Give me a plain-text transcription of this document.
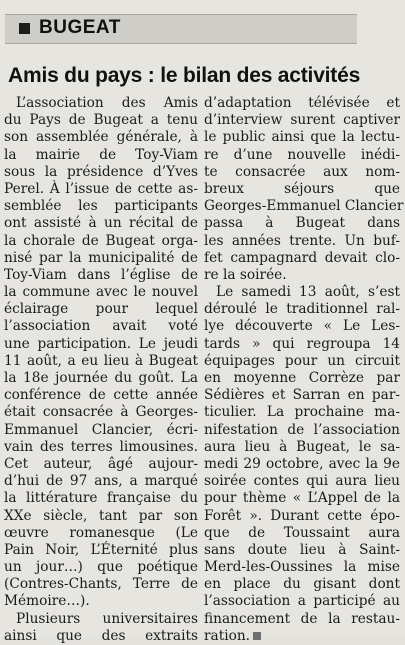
BUGEAT
Amis du pays : le bilan des activités
L’association des Amis
du Pays de Bugeat a tenu
son assemblée générale, à
la mairie de Toy-Viam
sous la présidence d’Yves
Perel. À l’issue de cette as-
semblée les participants
ont assisté à un récital de
la chorale de Bugeat orga-
nisé par la municipalité de
Toy-Viam dans l’église de
la commune avec le nouvel
éclairage pour lequel
l’association avait voté
une participation. Le jeudi
11 août, a eu lieu à Bugeat
la 18e journée du goût. La
conférence de cette année
était consacrée à Georges-
Emmanuel Clancier, écri-
vain des terres limousines.
Cet auteur, âgé aujour-
d’hui de 97 ans, a marqué
la littérature française du
XXe siècle, tant par son
œuvre romanesque (Le
Pain Noir, L’Éternité plus
un jour…) que poétique
(Contres-Chants, Terre de
Mémoire…).
Plusieurs universitaires
ainsi que des extraits
d’adaptation télévisée et
d’interview surent captiver
le public ainsi que la lectu-
re d’une nouvelle inédi-
te consacrée aux nom-
breux séjours que
Georges-Emmanuel Clancier
passa à Bugeat dans
les années trente. Un buf-
fet campagnard devait clo-
re la soirée.
Le samedi 13 août, s’est
déroulé le traditionnel ral-
lye découverte « Le Les-
tards » qui regroupa 14
équipages pour un circuit
en moyenne Corrèze par
Sédières et Sarran en par-
ticulier. La prochaine ma-
nifestation de l’association
aura lieu à Bugeat, le sa-
medi 29 octobre, avec la 9e
soirée contes qui aura lieu
pour thème « L’Appel de la
Forêt ». Durant cette épo-
que de Toussaint aura
sans doute lieu à Saint-
Merd-les-Oussines la mise
en place du gisant dont
l’association a participé au
financement de la restau-
ration.
